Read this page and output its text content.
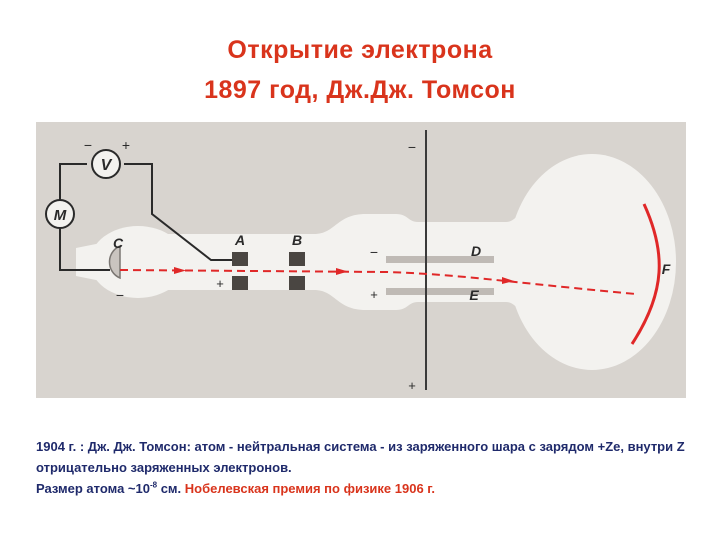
Открытие электрона
1897 год, Дж.Дж. Томсон
V
− +
M
C
−
A	B
+
D
E
−
+
−
+
F
1904 г. : Дж. Дж. Томсон: атом - нейтральная система - из заряженного шара с зарядом +Ze, внутри Z отрицательно заряженных электронов.
Размер атома $\sim 10^{-8}$ см. Нобелевская премия по физике 1906 г.
